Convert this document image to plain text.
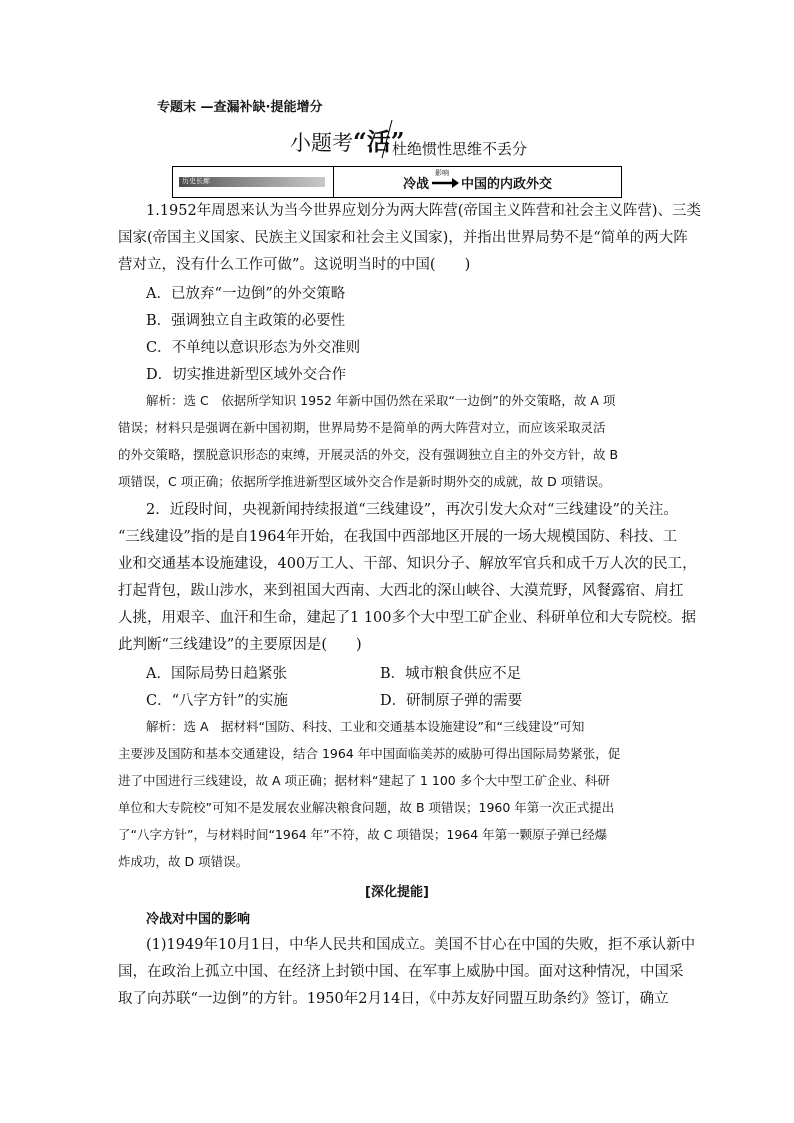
专题末 —查漏补缺·提能增分
小题考“活”
杜绝惯性思维不丢分
历史长廊	冷战
影响
中国的内政外交
1.1952年周恩来认为当今世界应划分为两大阵营(帝国主义阵营和社会主义阵营)、三类
国家(帝国主义国家、民族主义国家和社会主义国家)，并指出世界局势不是“简单的两大阵
营对立，没有什么工作可做”。这说明当时的中国(　　)
A．已放弃“一边倒”的外交策略
B．强调独立自主政策的必要性
C．不单纯以意识形态为外交准则
D．切实推进新型区域外交合作
解析：选 C　依据所学知识 1952 年新中国仍然在采取“一边倒”的外交策略，故 A 项
错误；材料只是强调在新中国初期，世界局势不是简单的两大阵营对立，而应该采取灵活
的外交策略，摆脱意识形态的束缚，开展灵活的外交，没有强调独立自主的外交方针，故 B
项错误，C 项正确；依据所学推进新型区域外交合作是新时期外交的成就，故 D 项错误。
2．近段时间，央视新闻持续报道“三线建设”，再次引发大众对“三线建设”的关注。
“三线建设”指的是自1964年开始，在我国中西部地区开展的一场大规模国防、科技、工
业和交通基本设施建设，400万工人、干部、知识分子、解放军官兵和成千万人次的民工，
打起背包，跋山涉水，来到祖国大西南、大西北的深山峡谷、大漠荒野，风餐露宿、肩扛
人挑，用艰辛、血汗和生命，建起了1 100多个大中型工矿企业、科研单位和大专院校。据
此判断“三线建设”的主要原因是(　　)
A．国际局势日趋紧张	B．城市粮食供应不足
C．“八字方针”的实施	D．研制原子弹的需要
解析：选 A　据材料“国防、科技、工业和交通基本设施建设”和“三线建设”可知
主要涉及国防和基本交通建设，结合 1964 年中国面临美苏的威胁可得出国际局势紧张，促
进了中国进行三线建设，故 A 项正确；据材料“建起了 1 100 多个大中型工矿企业、科研
单位和大专院校”可知不是发展农业解决粮食问题，故 B 项错误；1960 年第一次正式提出
了“八字方针”，与材料时间“1964 年”不符，故 C 项错误；1964 年第一颗原子弹已经爆
炸成功，故 D 项错误。
[深化提能]
冷战对中国的影响
(1)1949年10月1日，中华人民共和国成立。美国不甘心在中国的失败，拒不承认新中
国，在政治上孤立中国、在经济上封锁中国、在军事上威胁中国。面对这种情况，中国采
取了向苏联“一边倒”的方针。1950年2月14日，《中苏友好同盟互助条约》签订，确立
